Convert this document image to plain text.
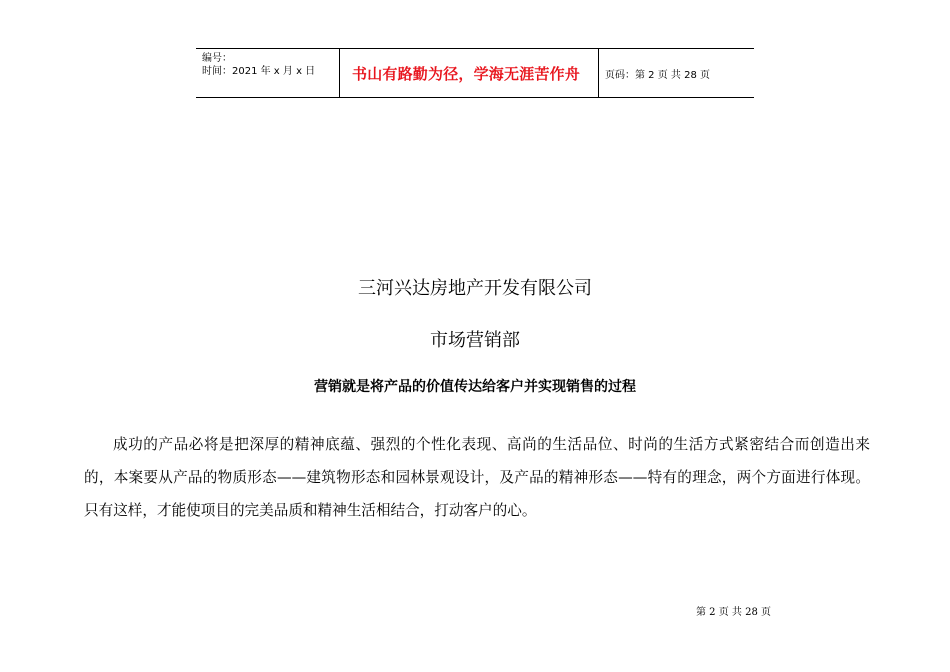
编号：
时间：2021 年 x 月 x 日 书山有路勤为径，学海无涯苦作舟 页码：第 2 页 共 28 页
三河兴达房地产开发有限公司
市场营销部
营销就是将产品的价值传达给客户并实现销售的过程
成功的产品必将是把深厚的精神底蕴、强烈的个性化表现、高尚的生活品位、时尚的生活方式紧密结合而创造出来的，本案要从产品的物质形态——建筑物形态和园林景观设计，及产品的精神形态——特有的理念，两个方面进行体现。只有这样，才能使项目的完美品质和精神生活相结合，打动客户的心。
第 2 页 共 28 页
